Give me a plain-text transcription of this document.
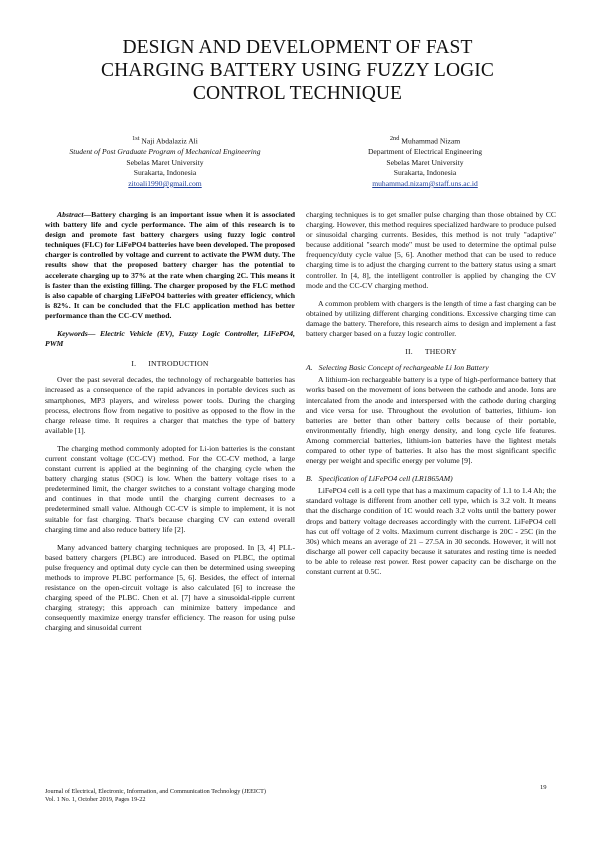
DESIGN AND DEVELOPMENT OF FAST
CHARGING BATTERY USING FUZZY LOGIC
CONTROL TECHNIQUE
$^{1st}$ Naji Abdalaziz Ali
Student of Post Graduate Program of Mechanical Engineering
Sebelas Maret University
Surakarta, Indonesia
zitoali1990@gmail.com
$^{2nd}$ Muhammad Nizam
Department of Electrical Engineering
Sebelas Maret University
Surakarta, Indonesia
muhammad.nizam@staff.uns.ac.id
Abstract—Battery charging is an important issue when it is associated with battery life and cycle performance. The aim of this research is to design and promote fast battery chargers using fuzzy logic control techniques (FLC) for LiFePO4 batteries have been developed. The proposed charger is controlled by voltage and current to activate the PWM duty. The results show that the proposed battery charger has the potential to accelerate charging up to 37% at the rate when charging 2C. This means it is faster than the existing filling. The charger proposed by the FLC method is also capable of charging LiFePO4 batteries with greater efficiency, which is 82%. It can be concluded that the FLC application method has better performance than the CC-CV method.
Keywords— Electric Vehicle (EV), Fuzzy Logic Controller, LiFePO4, PWM
I. INTRODUCTION

Over the past several decades, the technology of rechargeable batteries has increased as a consequence of the rapid advances in portable devices such as smartphones, MP3 players, and wireless power tools. During the charging process, electrons flow from negative to positive as opposed to the flow in the charge release time. It requires a charger that matches the type of battery available [1].

The charging method commonly adopted for Li-ion batteries is the constant current constant voltage (CC-CV) method. For the CC-CV method, a large constant current is applied at the beginning of the charging cycle when the battery charging status (SOC) is low. When the battery voltage rises to a predetermined limit, the charger switches to a constant voltage charging mode and continues in that mode until the charging current decreases to a predetermined small value. Although CC-CV is simple to implement, it is not suitable for fast charging. That's because charging CV can extend overall charging time and also reduce battery life [2].

Many advanced battery charging techniques are proposed. In [3, 4] PLL-based battery chargers (PLBC) are introduced. Based on PLBC, the optimal pulse frequency and optimal duty cycle can then be determined using sweeping methods to improve PLBC performance [5, 6]. Besides, the effect of internal resistance on the open-circuit voltage is also calculated [6] to increase the charging speed of the PLBC. Chen et al. [7] have a sinusoidal-ripple current charging strategy; this approach can minimize battery impedance and consequently maximize energy transfer efficiency. The reason for using pulse charging and sinusoidal current

charging techniques is to get smaller pulse charging than those obtained by CC charging. However, this method requires specialized hardware to produce pulsed or sinusoidal charging currents. Besides, this method is not truly "adaptive" because additional "search mode" must be used to determine the optimal pulse frequency/duty cycle value [5, 6]. Another method that can be used to reduce charging time is to adjust the charging current to the battery status using a smart controller. In [4, 8], the intelligent controller is applied by changing the CV mode and the CC-CV charging method.

A common problem with chargers is the length of time a fast charging can be obtained by utilizing different charging conditions. Excessive charging time can damage the battery. Therefore, this research aims to design and implement a fast battery charger based on a fuzzy logic controller.

II. THEORY
A. Selecting Basic Concept of rechargeable Li Ion Battery

A lithium-ion rechargeable battery is a type of high-performance battery that works based on the movement of ions between the cathode and anode. Ions are intercalated from the anode and interspersed with the cathode during charging and vice versa for use. Throughout the evolution of batteries, lithium- ion batteries are better than other battery cells because of their portable, environmentally friendly, high energy density, and long cycle life features. Among commercial batteries, lithium-ion batteries have the lightest metals compared to other type of batteries. It also has the most significant specific energy per weight and specific energy per volume [9].

B. Specification of LiFePO4 cell (LR1865AM)

LiFePO4 cell is a cell type that has a maximum capacity of 1.1 to 1.4 Ah; the standard voltage is different from another cell type, which is 3.2 volt. It means that the discharge condition of 1C would reach 3.2 volts until the battery power drops and battery voltage decreases accordingly with the current. LiFePO4 cell has cut off voltage of 2 volts. Maximum current discharge is 20C - 25C (in the 30s) which means an average of 21 – 27.5A in 30 seconds. However, it will not discharge all power cell capacity because it saturates and resting time is needed to be able to release rest power. Rest power capacity can be discharge on the constant current at 0.5C.

Journal of Electrical, Electronic, Information, and Communication Technology (JEEICT)
Vol. 1 No. 1, October 2019, Pages 19-22
19
